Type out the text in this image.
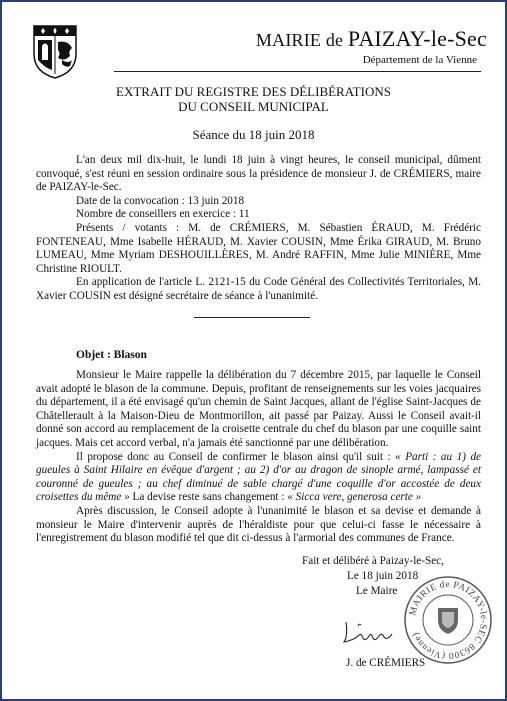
MAIRIE de PAIZAY-le-Sec
Département de la Vienne
EXTRAIT DU REGISTRE DES DÉLIBÉRATIONS
DU CONSEIL MUNICIPAL
Séance du 18 juin 2018

L'an deux mil dix-huit, le lundi 18 juin à vingt heures, le conseil municipal, dûment convoqué, s'est réuni en session ordinaire sous la présidence de monsieur J. de CRÉMIERS, maire de PAIZAY-le-Sec.

Date de la convocation : 13 juin 2018

Nombre de conseillers en exercice : 11

Présents / votants : M. de CRÉMIERS, M. Sébastien ÉRAUD, M. Frédéric FONTENEAU, Mme Isabelle HÉRAUD, M. Xavier COUSIN, Mme Érika GIRAUD, M. Bruno LUMEAU, Mme Myriam DESHOUILLÈRES, M. André RAFFIN, Mme Julie MINIÈRE, Mme Christine RIOULT.

En application de l'article L. 2121-15 du Code Général des Collectivités Territoriales, M. Xavier COUSIN est désigné secrétaire de séance à l'unanimité.

Objet : Blason

Monsieur le Maire rappelle la délibération du 7 décembre 2015, par laquelle le Conseil avait adopté le blason de la commune. Depuis, profitant de renseignements sur les voies jacquaires du département, il a été envisagé qu'un chemin de Saint Jacques, allant de l'église Saint-Jacques de Châtellerault à la Maison-Dieu de Montmorillon, ait passé par Paizay. Aussi le Conseil avait-il donné son accord au remplacement de la croisette centrale du chef du blason par une coquille saint jacques. Mais cet accord verbal, n'a jamais été sanctionné par une délibération.

Il propose donc au Conseil de confirmer le blason ainsi qu'il suit : « Parti : au 1) de gueules à Saint Hilaire en évêque d'argent ; au 2) d'or au dragon de sinople armé, lampassé et couronné de gueules ; au chef diminué de sable chargé d'une coquille d'or accostée de deux croisettes du même » La devise reste sans changement : « Sicca vere, generosa certe »

Après discussion, le Conseil adopte à l'unanimité le blason et sa devise et demande à monsieur le Maire d'intervenir auprès de l'héraldiste pour que celui-ci fasse le nécessaire à l'enregistrement du blason modifié tel que dit ci-dessus à l'armorial des communes de France.

Fait et délibéré à Paizay-le-Sec,
Le 18 juin 2018
Le Maire
MAIRIE de PAIZAY-le-SEC 86300 (Vienne)
J. de CRÉMIERS
